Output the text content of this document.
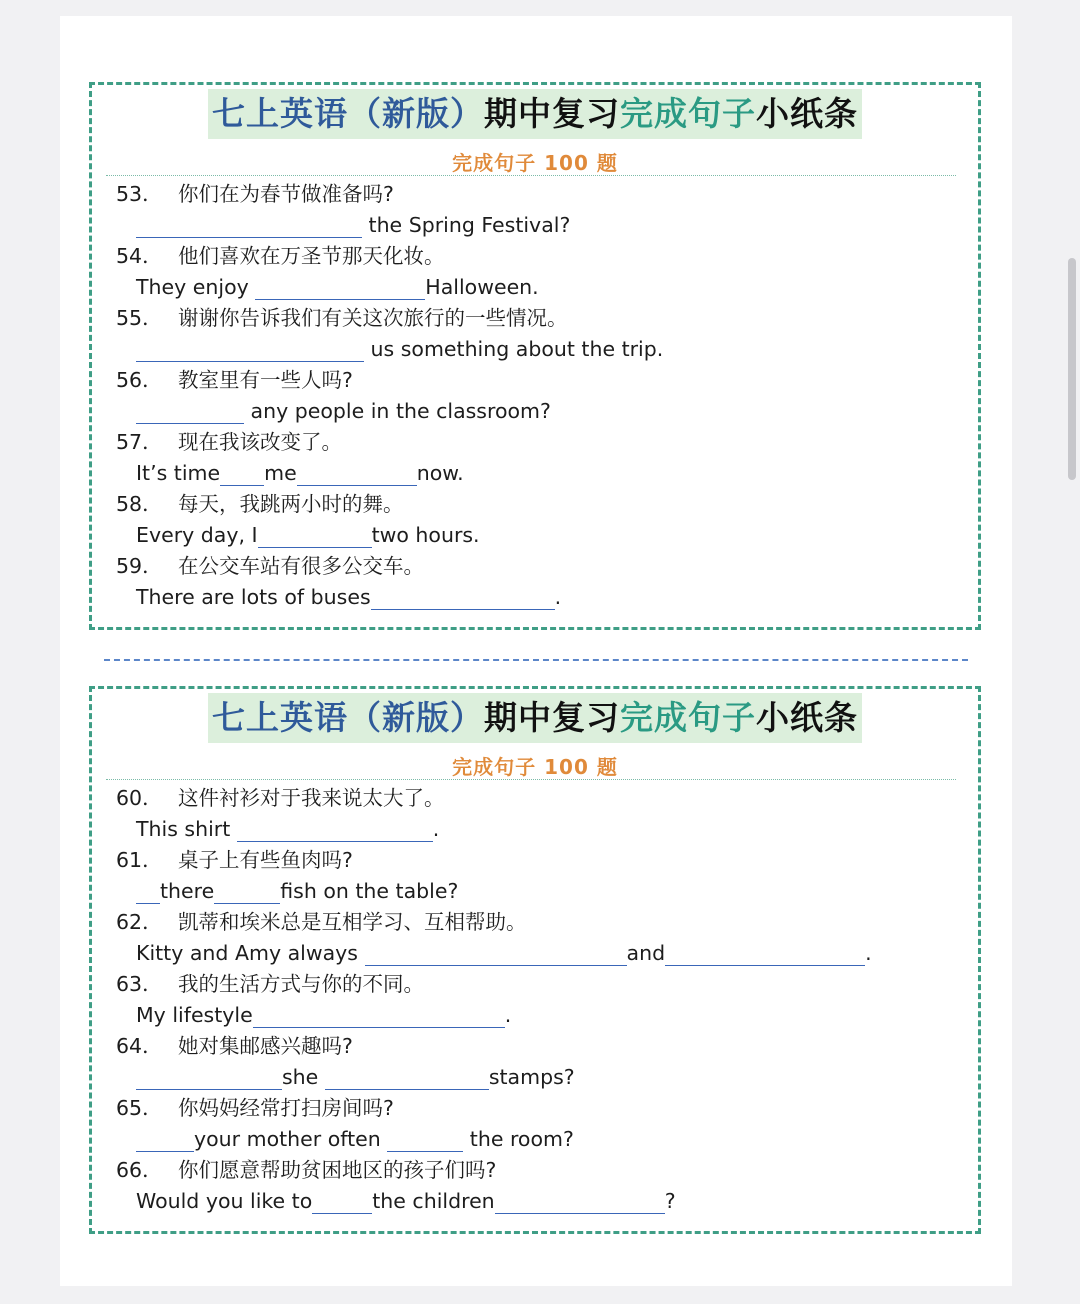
七上英语（新版）期中复习完成句子小纸条
完成句子 100 题
53． 你们在为春节做准备吗?
the Spring Festival?
54． 他们喜欢在万圣节那天化妆。
They enjoy	Halloween.
55． 谢谢你告诉我们有关这次旅行的一些情况。
us something about the trip.
56． 教室里有一些人吗?
any people in the classroom?
57． 现在我该改变了。
It’s time me	now.
58． 每天，我跳两小时的舞。
Every day, I	two hours.
59． 在公交车站有很多公交车。
There are lots of buses	.
七上英语（新版）期中复习完成句子小纸条
完成句子 100 题
60． 这件衬衫对于我来说太大了。
This shirt	.
61． 桌子上有些鱼肉吗?
there	fish on the table?
62． 凯蒂和埃米总是互相学习、互相帮助。
Kitty and Amy always	and	.
63． 我的生活方式与你的不同。
My lifestyle	.
64． 她对集邮感兴趣吗?
she	stamps?
65． 你妈妈经常打扫房间吗?
your mother often	the room?
66． 你们愿意帮助贫困地区的孩子们吗?
Would you like to	the children	?
